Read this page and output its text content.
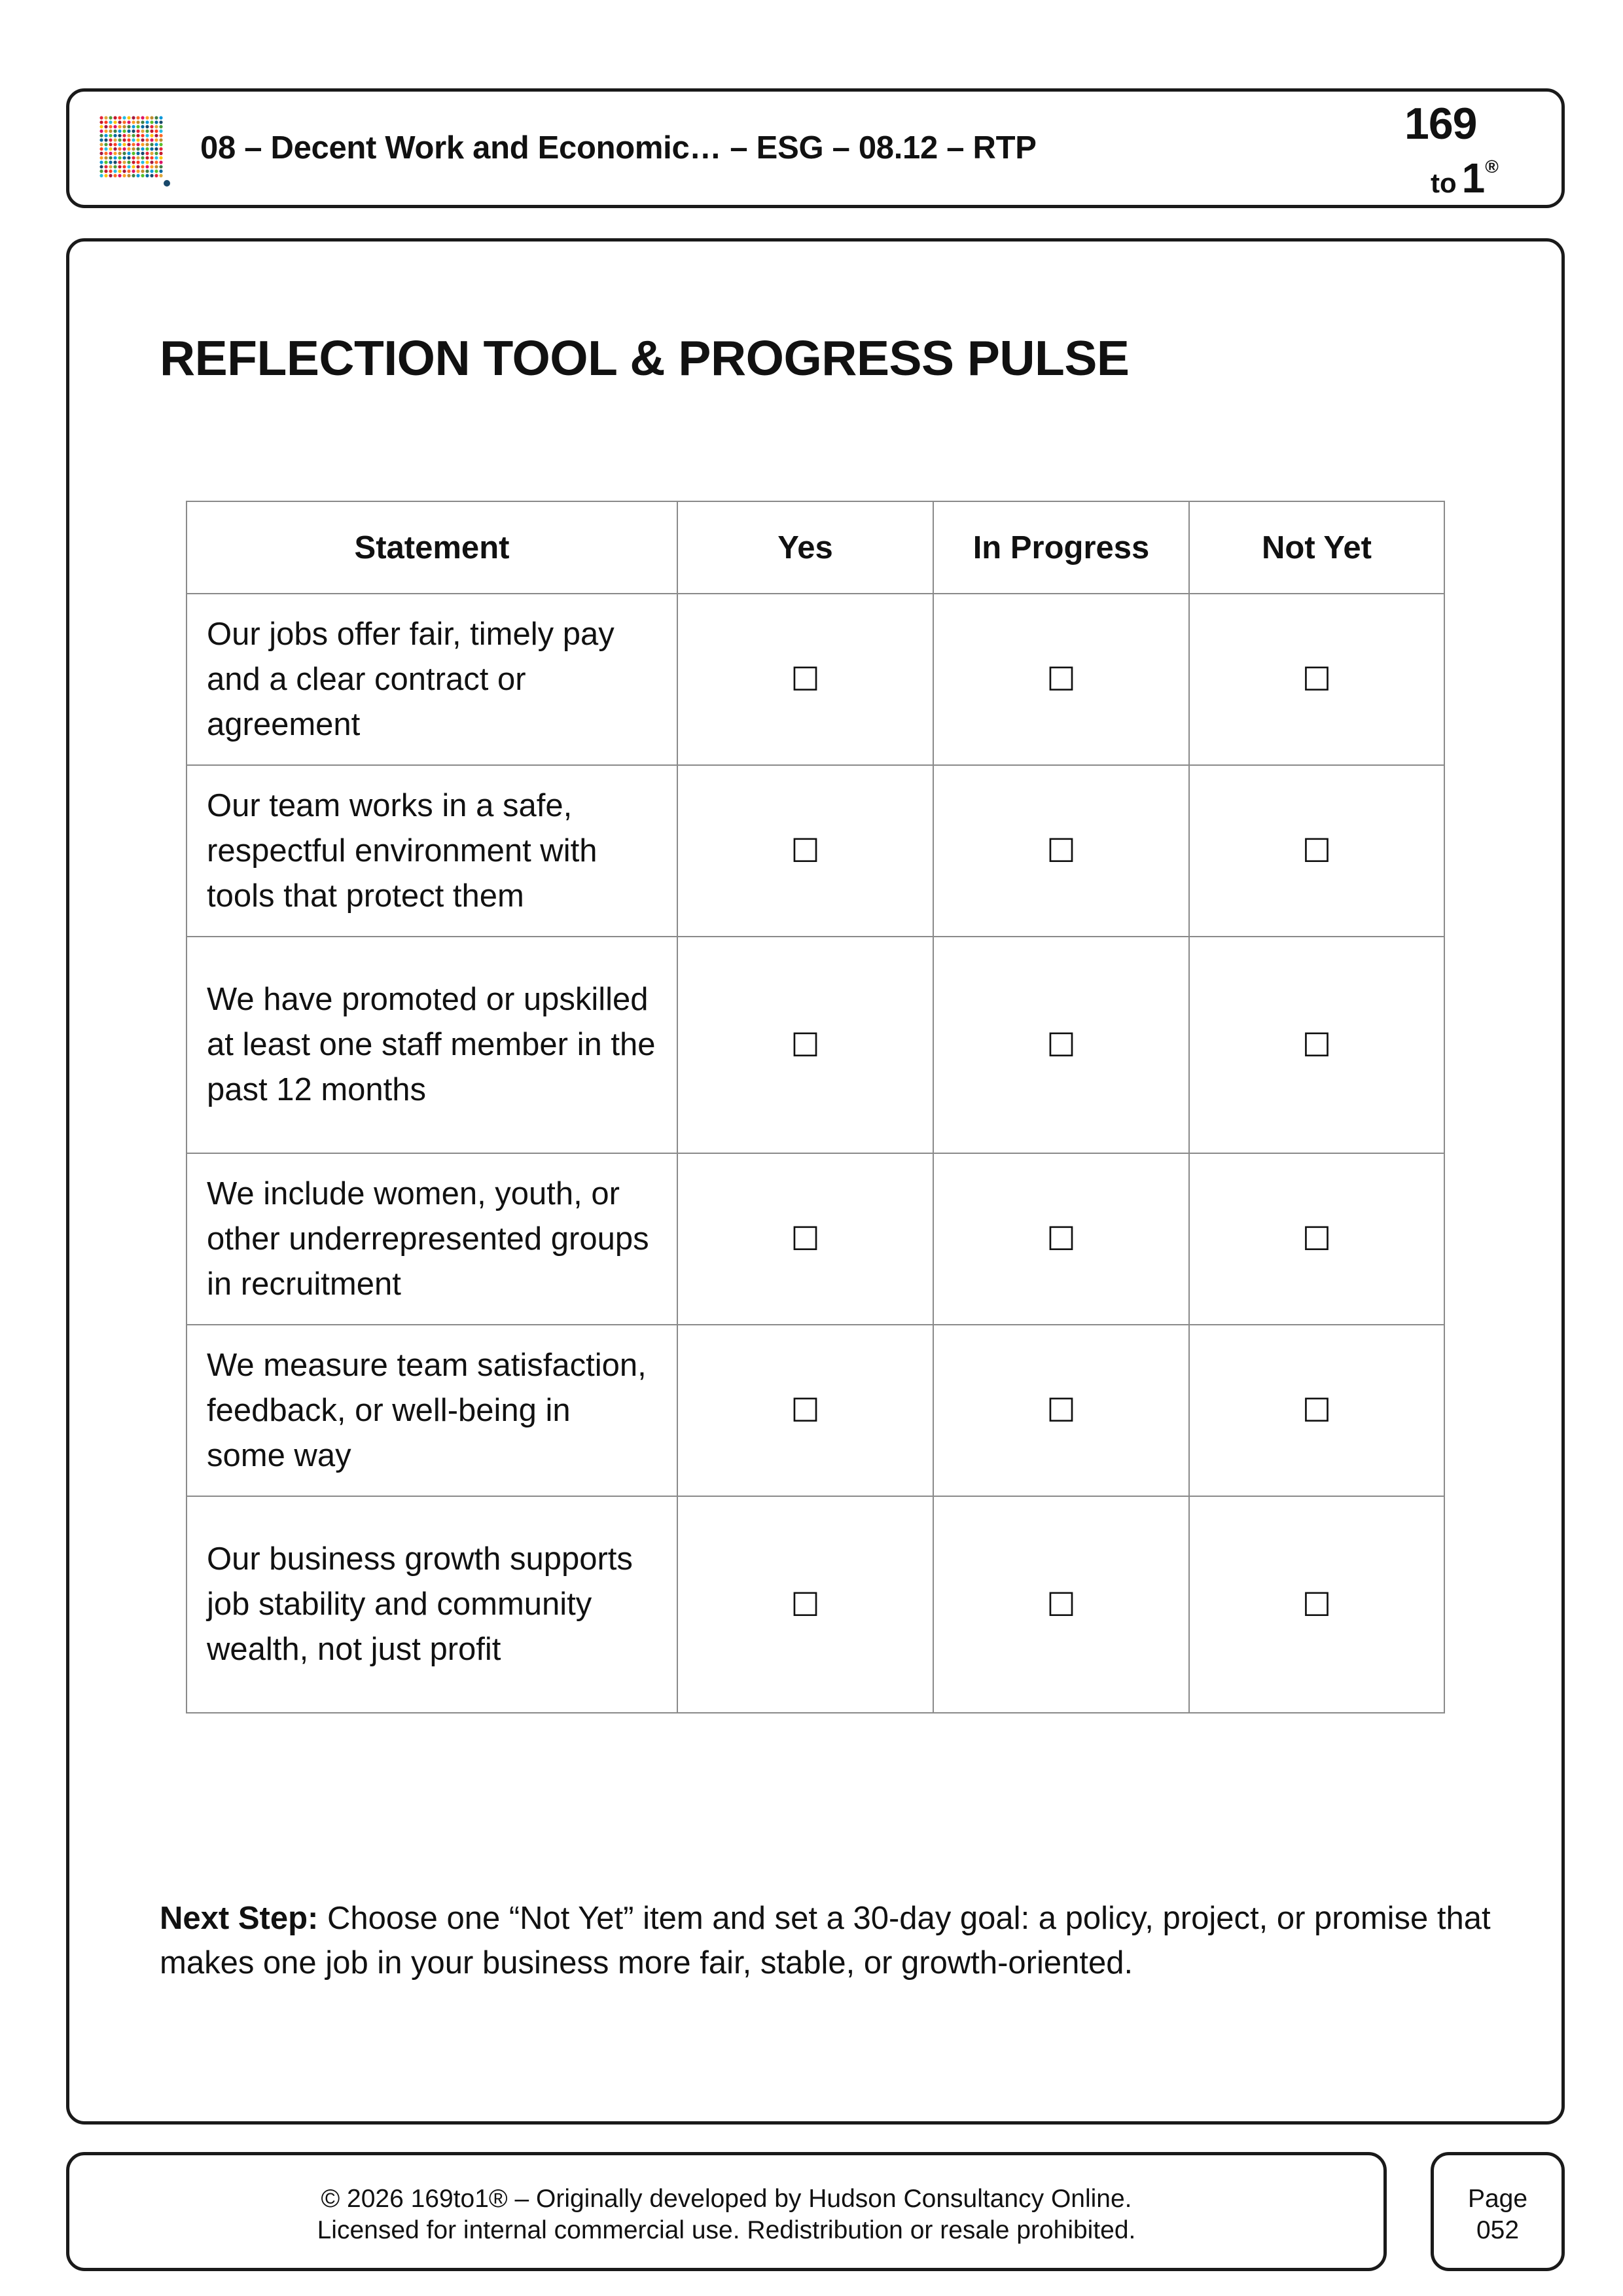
08 – Decent Work and Economic… – ESG – 08.12 – RTP	169
to 1®
REFLECTION TOOL & PROGRESS PULSE
Statement	Yes	In Progress	Not Yet
Our jobs offer fair, timely pay and a clear contract or agreement	☐	☐	☐
Our team works in a safe, respectful environment with tools that protect them	☐	☐	☐
We have promoted or upskilled at least one staff member in the past 12 months	☐	☐	☐
We include women, youth, or other underrepresented groups in recruitment	☐	☐	☐
We measure team satisfaction, feedback, or well-being in some way	☐	☐	☐
Our business growth supports job stability and community wealth, not just profit	☐	☐	☐
Next Step: Choose one “Not Yet” item and set a 30-day goal: a policy, project, or promise that makes one job in your business more fair, stable, or growth-oriented.
© 2026 169to1® – Originally developed by Hudson Consultancy Online.
Licensed for internal commercial use. Redistribution or resale prohibited.
Page
052
